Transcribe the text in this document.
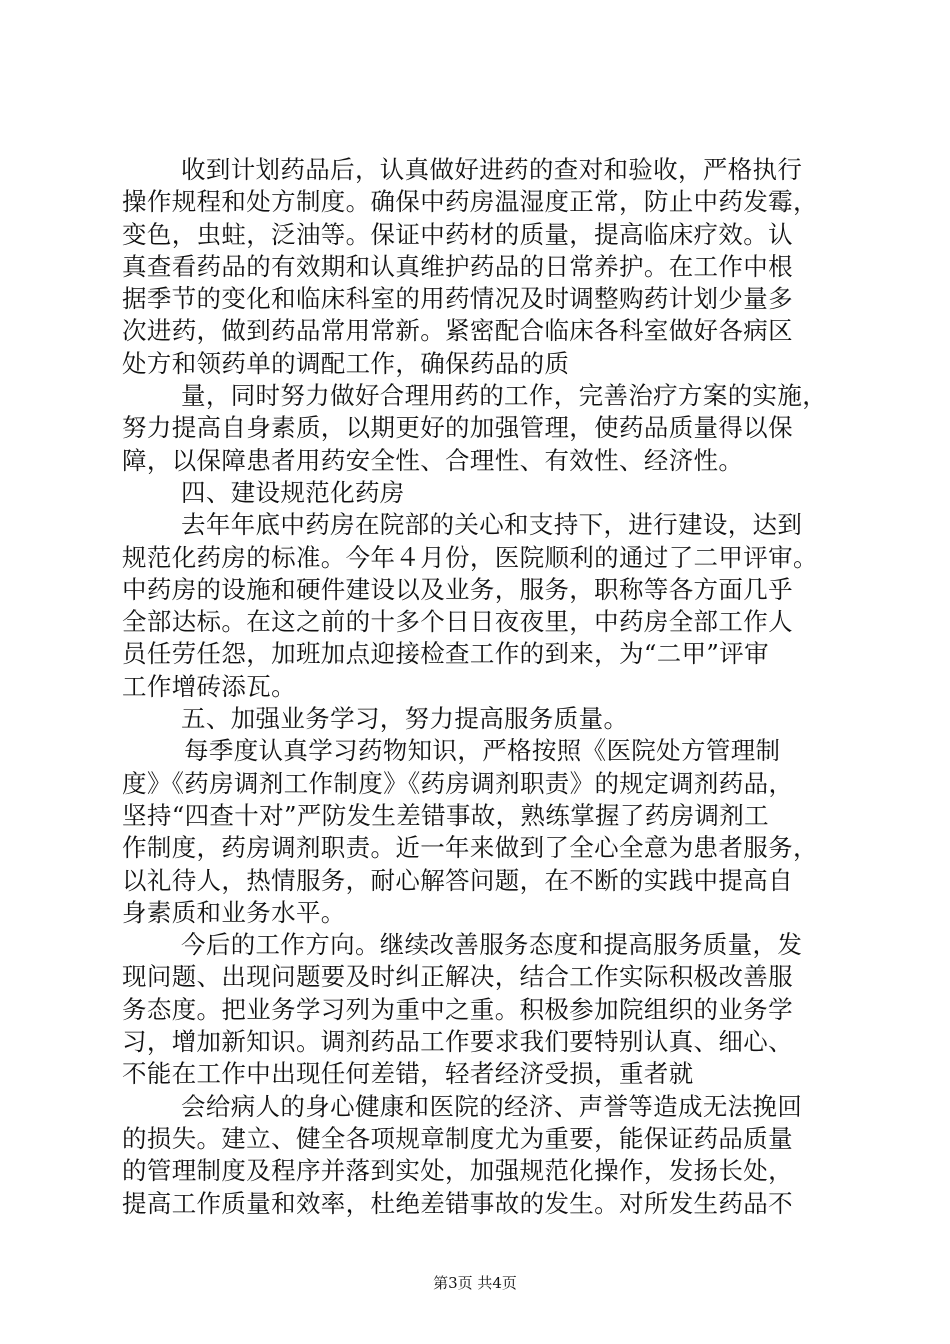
收到计划药品后，认真做好进药的查对和验收，严格执行
操作规程和处方制度。确保中药房温湿度正常，防止中药发霉，
变色，虫蛀，泛油等。保证中药材的质量，提高临床疗效。认
真查看药品的有效期和认真维护药品的日常养护。在工作中根
据季节的变化和临床科室的用药情况及时调整购药计划少量多
次进药，做到药品常用常新。紧密配合临床各科室做好各病区
处方和领药单的调配工作，确保药品的质
量，同时努力做好合理用药的工作，完善治疗方案的实施，
努力提高自身素质，以期更好的加强管理，使药品质量得以保
障，以保障患者用药安全性、合理性、有效性、经济性。
四、建设规范化药房
去年年底中药房在院部的关心和支持下，进行建设，达到
规范化药房的标准。今年４月份，医院顺利的通过了二甲评审。
中药房的设施和硬件建设以及业务，服务，职称等各方面几乎
全部达标。在这之前的十多个日日夜夜里，中药房全部工作人
员任劳任怨，加班加点迎接检查工作的到来，为“二甲”评审
工作增砖添瓦。
五、加强业务学习，努力提高服务质量。
每季度认真学习药物知识，严格按照《医院处方管理制
度》《药房调剂工作制度》《药房调剂职责》的规定调剂药品，
坚持“四查十对”严防发生差错事故，熟练掌握了药房调剂工
作制度，药房调剂职责。近一年来做到了全心全意为患者服务，
以礼待人，热情服务，耐心解答问题，在不断的实践中提高自
身素质和业务水平。
今后的工作方向。继续改善服务态度和提高服务质量，发
现问题、出现问题要及时纠正解决，结合工作实际积极改善服
务态度。把业务学习列为重中之重。积极参加院组织的业务学
习，增加新知识。调剂药品工作要求我们要特别认真、细心、
不能在工作中出现任何差错，轻者经济受损，重者就
会给病人的身心健康和医院的经济、声誉等造成无法挽回
的损失。建立、健全各项规章制度尤为重要，能保证药品质量
的管理制度及程序并落到实处，加强规范化操作，发扬长处，
提高工作质量和效率，杜绝差错事故的发生。对所发生药品不
第3页 共4页
